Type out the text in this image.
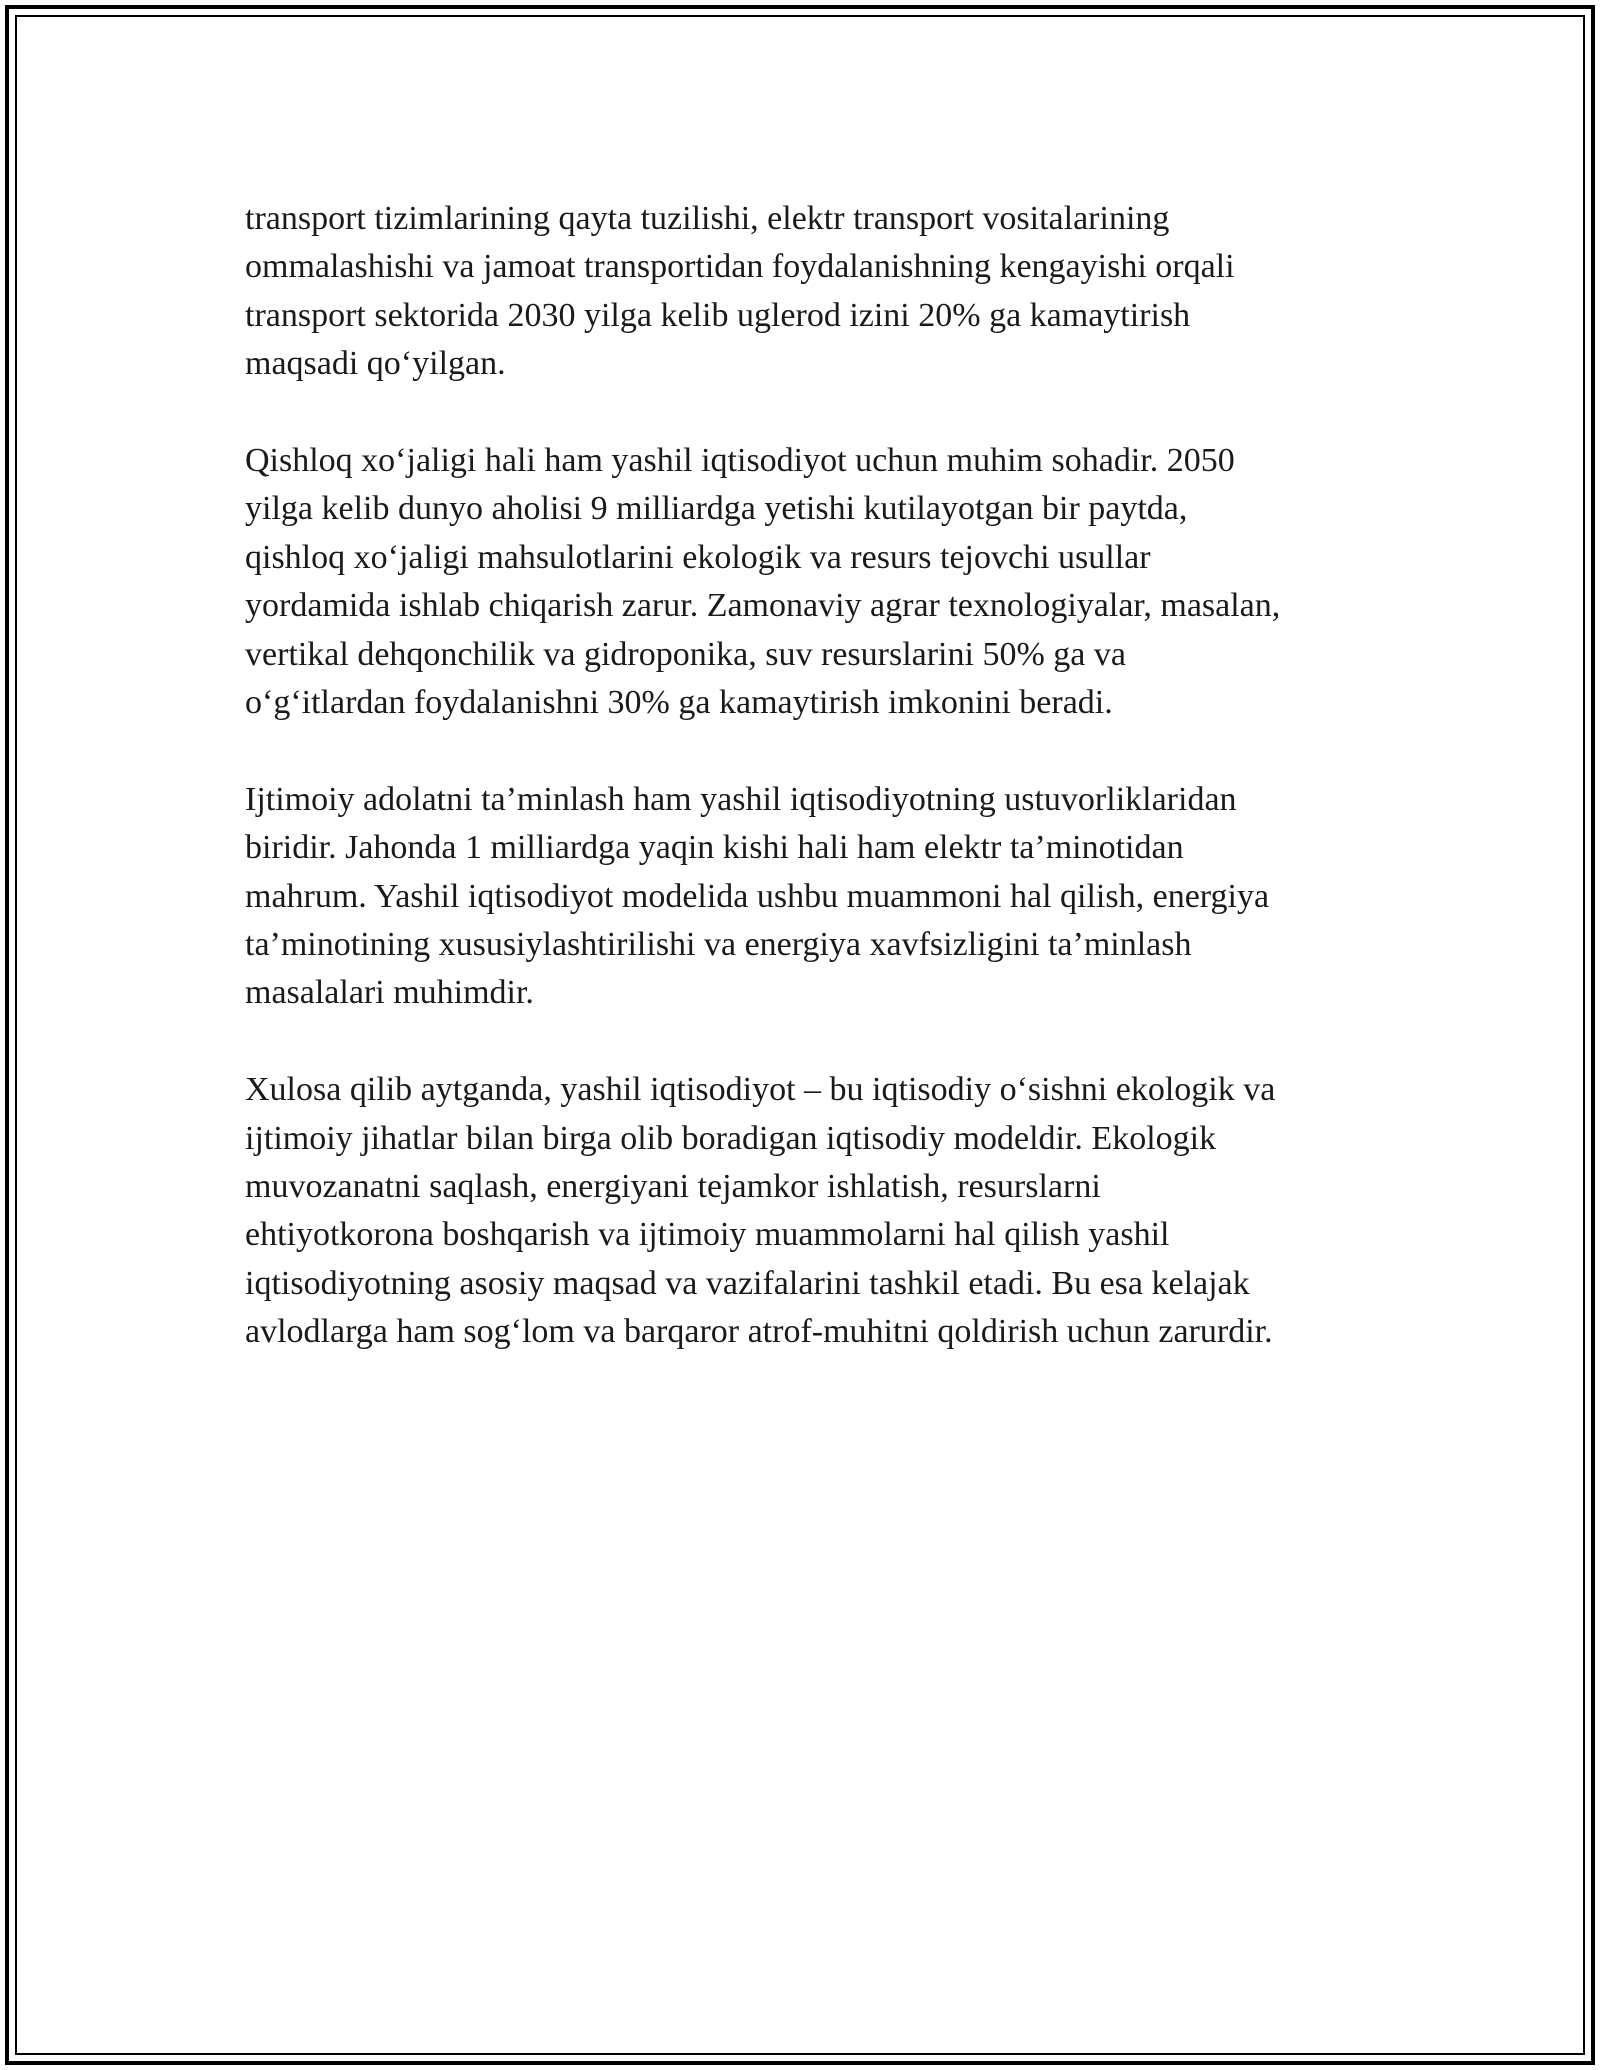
transport tizimlarining qayta tuzilishi, elektr transport vositalarining
ommalashishi va jamoat transportidan foydalanishning kengayishi orqali
transport sektorida 2030 yilga kelib uglerod izini 20% ga kamaytirish
maqsadi qo‘yilgan.

Qishloq xo‘jaligi hali ham yashil iqtisodiyot uchun muhim sohadir. 2050
yilga kelib dunyo aholisi 9 milliardga yetishi kutilayotgan bir paytda,
qishloq xo‘jaligi mahsulotlarini ekologik va resurs tejovchi usullar
yordamida ishlab chiqarish zarur. Zamonaviy agrar texnologiyalar, masalan,
vertikal dehqonchilik va gidroponika, suv resurslarini 50% ga va
o‘g‘itlardan foydalanishni 30% ga kamaytirish imkonini beradi.

Ijtimoiy adolatni ta’minlash ham yashil iqtisodiyotning ustuvorliklaridan
biridir. Jahonda 1 milliardga yaqin kishi hali ham elektr ta’minotidan
mahrum. Yashil iqtisodiyot modelida ushbu muammoni hal qilish, energiya
ta’minotining xususiylashtirilishi va energiya xavfsizligini ta’minlash
masalalari muhimdir.

Xulosa qilib aytganda, yashil iqtisodiyot – bu iqtisodiy o‘sishni ekologik va
ijtimoiy jihatlar bilan birga olib boradigan iqtisodiy modeldir. Ekologik
muvozanatni saqlash, energiyani tejamkor ishlatish, resurslarni
ehtiyotkorona boshqarish va ijtimoiy muammolarni hal qilish yashil
iqtisodiyotning asosiy maqsad va vazifalarini tashkil etadi. Bu esa kelajak
avlodlarga ham sog‘lom va barqaror atrof-muhitni qoldirish uchun zarurdir.
